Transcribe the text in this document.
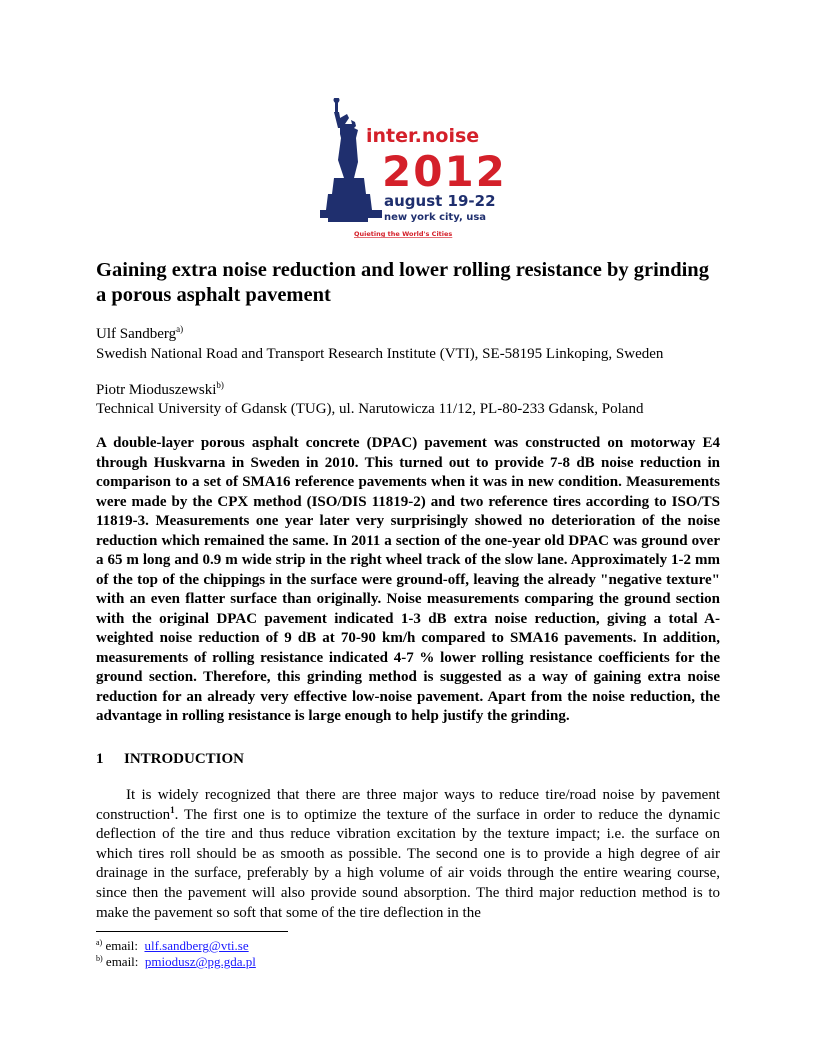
inter.noise
2012
august 19-22
new york city, usa
Quieting the World's Cities
Gaining extra noise reduction and lower rolling resistance by grinding a porous asphalt pavement
Ulf Sandberg$^{a)}$
Swedish National Road and Transport Research Institute (VTI), SE-58195 Linkoping, Sweden
Piotr Mioduszewski$^{b)}$
Technical University of Gdansk (TUG), ul. Narutowicza 11/12, PL-80-233 Gdansk, Poland

A double-layer porous asphalt concrete (DPAC) pavement was constructed on motorway E4 through Huskvarna in Sweden in 2010. This turned out to provide 7-8 dB noise reduction in comparison to a set of SMA16 reference pavements when it was in new condition. Measurements were made by the CPX method (ISO/DIS 11819-2) and two reference tires according to ISO/TS 11819-3. Measurements one year later very surprisingly showed no deterioration of the noise reduction which remained the same. In 2011 a section of the one-year old DPAC was ground over a 65 m long and 0.9 m wide strip in the right wheel track of the slow lane. Approximately 1-2 mm of the top of the chippings in the surface were ground-off, leaving the already "negative texture" with an even flatter surface than originally. Noise measurements comparing the ground section with the original DPAC pavement indicated 1-3 dB extra noise reduction, giving a total A-weighted noise reduction of 9 dB at 70-90 km/h compared to SMA16 pavements. In addition, measurements of rolling resistance indicated 4-7 % lower rolling resistance coefficients for the ground section. Therefore, this grinding method is suggested as a way of gaining extra noise reduction for an already very effective low-noise pavement. Apart from the noise reduction, the advantage in rolling resistance is large enough to help justify the grinding.

1 INTRODUCTION

It is widely recognized that there are three major ways to reduce tire/road noise by pavement construction$^1$. The first one is to optimize the texture of the surface in order to reduce the dynamic deflection of the tire and thus reduce vibration excitation by the texture impact; i.e. the surface on which tires roll should be as smooth as possible. The second one is to provide a high degree of air drainage in the surface, preferably by a high volume of air voids through the entire wearing course, since then the pavement will also provide sound absorption. The third major reduction method is to make the pavement so soft that some of the tire deflection in the

$^{a)}$ email: ulf.sandberg@vti.se
$^{b)}$ email: pmiodusz@pg.gda.pl
